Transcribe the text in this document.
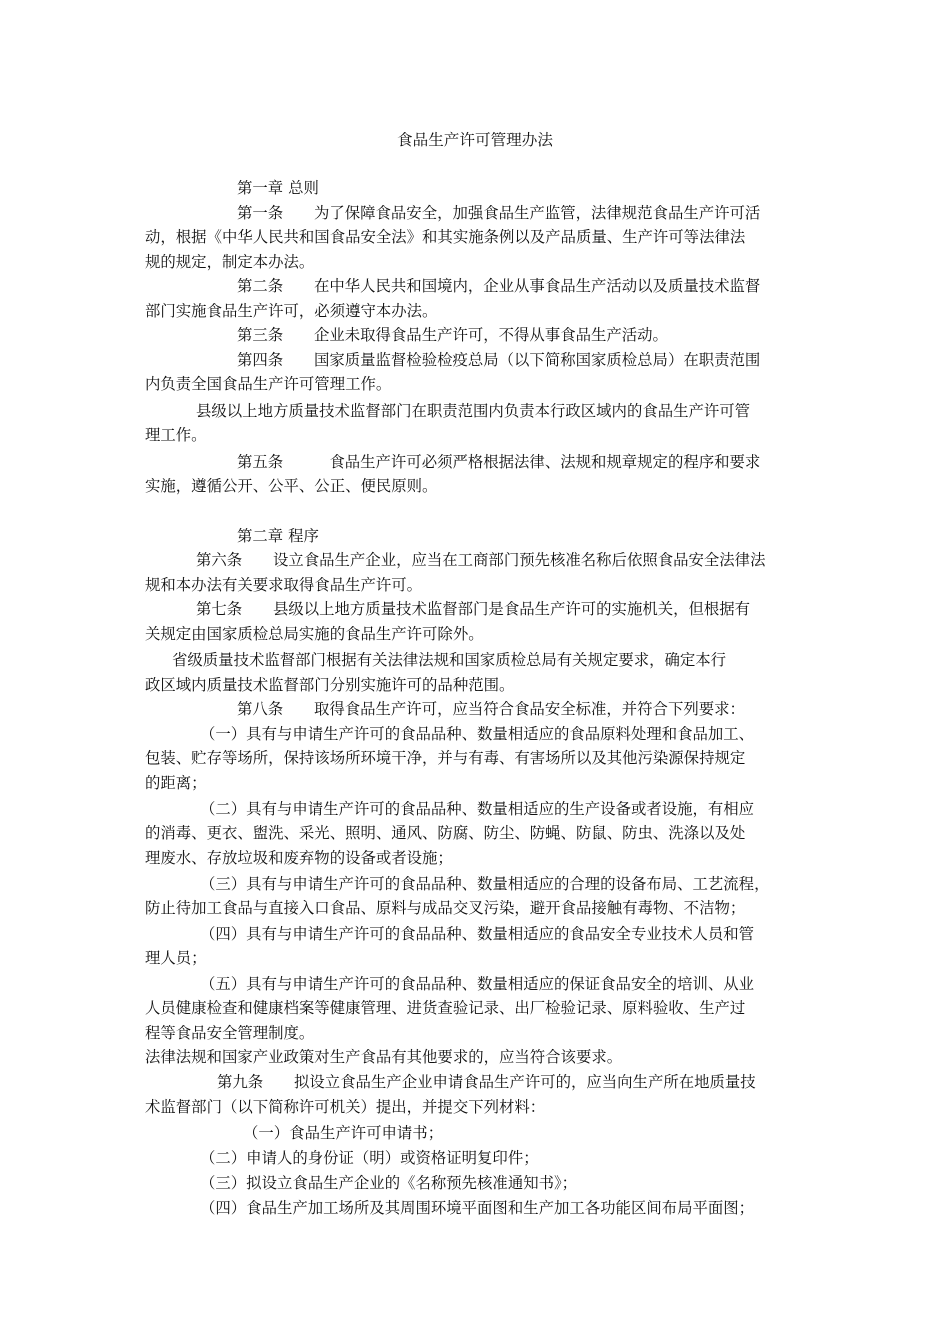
食品生产许可管理办法
第一章 总则
第一条　　为了保障食品安全，加强食品生产监管，法律规范食品生产许可活
动，根据《中华人民共和国食品安全法》和其实施条例以及产品质量、生产许可等法律法
规的规定，制定本办法。
第二条　　在中华人民共和国境内，企业从事食品生产活动以及质量技术监督
部门实施食品生产许可，必须遵守本办法。
第三条　　企业未取得食品生产许可，不得从事食品生产活动。
第四条　　国家质量监督检验检疫总局（以下简称国家质检总局）在职责范围
内负责全国食品生产许可管理工作。
县级以上地方质量技术监督部门在职责范围内负责本行政区域内的食品生产许可管
理工作。
第五条　　　食品生产许可必须严格根据法律、法规和规章规定的程序和要求
实施，遵循公开、公平、公正、便民原则。
第二章 程序
第六条　　设立食品生产企业，应当在工商部门预先核准名称后依照食品安全法律法
规和本办法有关要求取得食品生产许可。
第七条　　县级以上地方质量技术监督部门是食品生产许可的实施机关，但根据有
关规定由国家质检总局实施的食品生产许可除外。
省级质量技术监督部门根据有关法律法规和国家质检总局有关规定要求，确定本行
政区域内质量技术监督部门分别实施许可的品种范围。
第八条　　取得食品生产许可，应当符合食品安全标准，并符合下列要求：
（一）具有与申请生产许可的食品品种、数量相适应的食品原料处理和食品加工、
包装、贮存等场所，保持该场所环境干净，并与有毒、有害场所以及其他污染源保持规定
的距离；
（二）具有与申请生产许可的食品品种、数量相适应的生产设备或者设施，有相应
的消毒、更衣、盥洗、采光、照明、通风、防腐、防尘、防蝇、防鼠、防虫、洗涤以及处
理废水、存放垃圾和废弃物的设备或者设施；
（三）具有与申请生产许可的食品品种、数量相适应的合理的设备布局、工艺流程，
防止待加工食品与直接入口食品、原料与成品交叉污染，避开食品接触有毒物、不洁物；
（四）具有与申请生产许可的食品品种、数量相适应的食品安全专业技术人员和管
理人员；
（五）具有与申请生产许可的食品品种、数量相适应的保证食品安全的培训、从业
人员健康检查和健康档案等健康管理、进货查验记录、出厂检验记录、原料验收、生产过
程等食品安全管理制度。
法律法规和国家产业政策对生产食品有其他要求的，应当符合该要求。
第九条　　拟设立食品生产企业申请食品生产许可的，应当向生产所在地质量技
术监督部门（以下简称许可机关）提出，并提交下列材料：
（一）食品生产许可申请书；
（二）申请人的身份证（明）或资格证明复印件；
（三）拟设立食品生产企业的《名称预先核准通知书》；
（四）食品生产加工场所及其周围环境平面图和生产加工各功能区间布局平面图；
